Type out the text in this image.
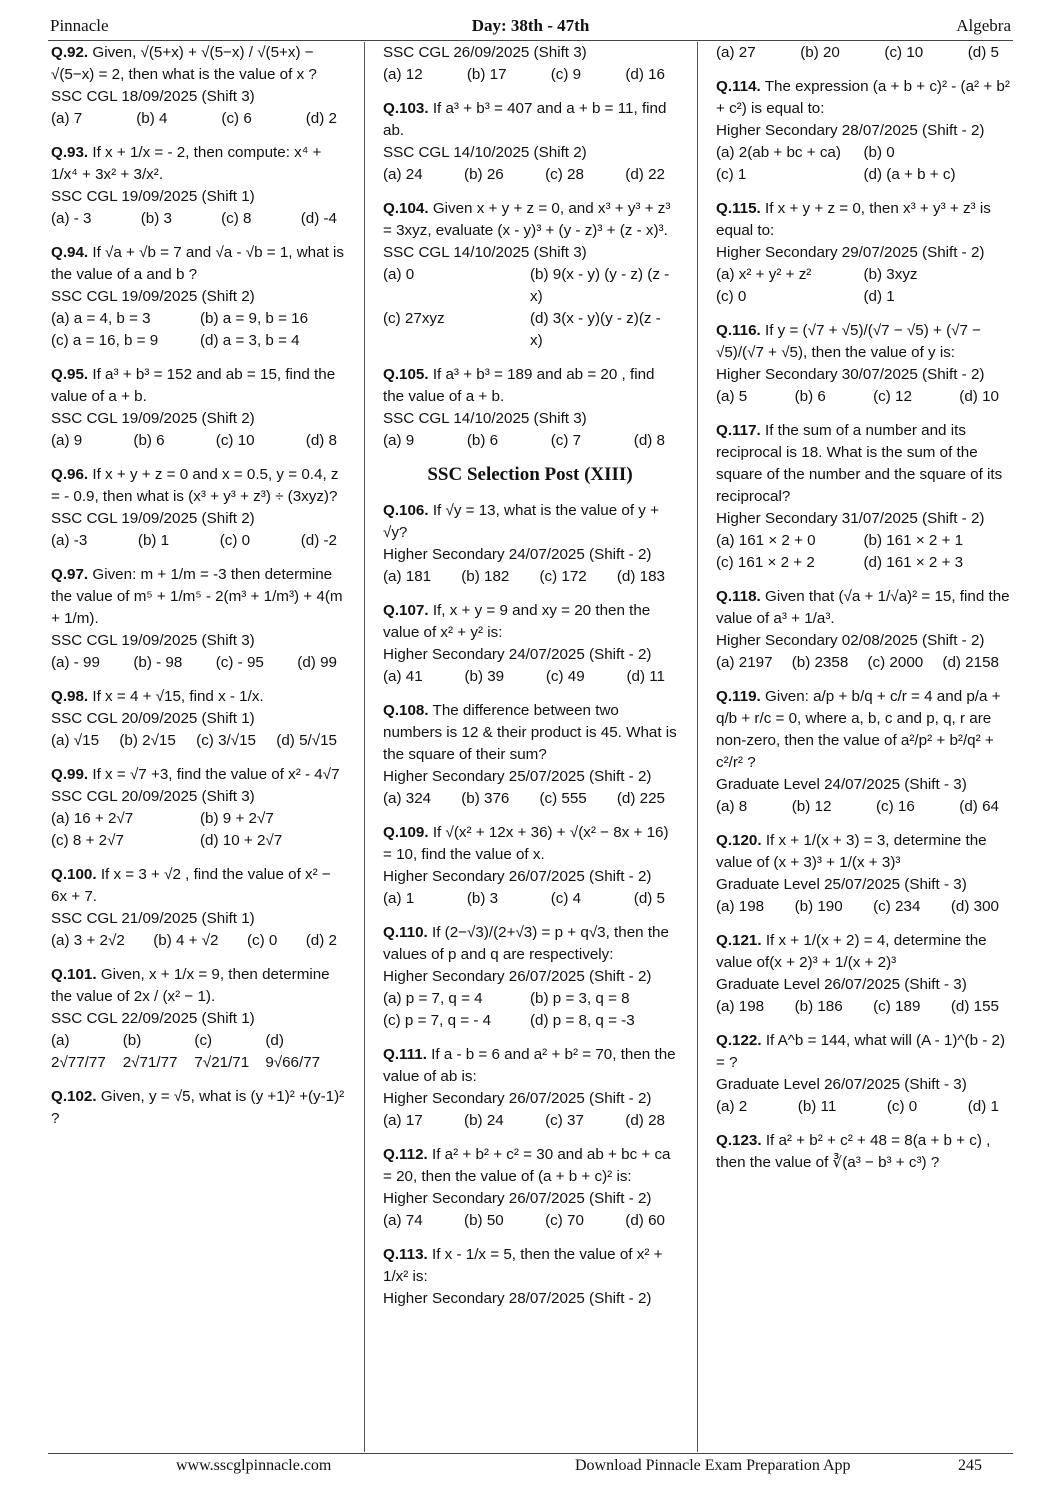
Pinnacle	Day: 38th - 47th	Algebra
Q.92. Given, √(5+x) + √(5−x) / √(5+x) − √(5−x) = 2, then what is the value of x ?
SSC CGL 18/09/2025 (Shift 3)
(a) 7	(b) 4	(c) 6	(d) 2
Q.93. If x + 1/x = - 2, then compute: x⁴ + 1/x⁴ + 3x² + 3/x².
SSC CGL 19/09/2025 (Shift 1)
(a) - 3	(b) 3	(c) 8	(d) -4
Q.94. If √a + √b = 7 and √a - √b = 1, what is the value of a and b ?
SSC CGL 19/09/2025 (Shift 2)
(a) a = 4, b = 3	(b) a = 9, b = 16
(c) a = 16, b = 9	(d) a = 3, b = 4
Q.95. If a³ + b³ = 152 and ab = 15, find the value of a + b.
SSC CGL 19/09/2025 (Shift 2)
(a) 9	(b) 6	(c) 10	(d) 8
Q.96. If x + y + z = 0 and x = 0.5, y = 0.4, z = - 0.9, then what is (x³ + y³ + z³) ÷ (3xyz)?
SSC CGL 19/09/2025 (Shift 2)
(a) -3	(b) 1	(c) 0	(d) -2
Q.97. Given: m + 1/m = -3 then determine the value of m⁵ + 1/m⁵ - 2(m³ + 1/m³) + 4(m + 1/m).
SSC CGL 19/09/2025 (Shift 3)
(a) - 99 (b) - 98 (c) - 95 (d) 99
Q.98. If x = 4 + √15, find x - 1/x.
SSC CGL 20/09/2025 (Shift 1)
(a) √15 (b) 2√15 (c) 3/√15 (d) 5/√15
Q.99. If x = √7 +3, find the value of x² - 4√7
SSC CGL 20/09/2025 (Shift 3)
(a) 16 + 2√7	(b) 9 + 2√7
(c) 8 + 2√7	(d) 10 + 2√7
Q.100. If x = 3 + √2 , find the value of x² − 6x + 7.
SSC CGL 21/09/2025 (Shift 1)
(a) 3 + 2√2 (b) 4 + √2 (c) 0 (d) 2
Q.101. Given, x + 1/x = 9, then determine the value of 2x / (x² − 1).
SSC CGL 22/09/2025 (Shift 1)
(a) 2√77/77
(b) 2√71/77
(c) 7√21/71
(d) 9√66/77
Q.102. Given, y = √5, what is (y +1)² +(y-1)² ?
SSC CGL 26/09/2025 (Shift 3)
(a) 12	(b) 17	(c) 9	(d) 16
Q.103. If a³ + b³ = 407 and a + b = 11, find ab.
SSC CGL 14/10/2025 (Shift 2)
(a) 24	(b) 26	(c) 28	(d) 22
Q.104. Given x + y + z = 0, and x³ + y³ + z³ = 3xyz, evaluate (x - y)³ + (y - z)³ + (z - x)³.
SSC CGL 14/10/2025 (Shift 3)
(a) 0	(b) 9(x - y) (y - z) (z - x)
(c) 27xyz	(d) 3(x - y)(y - z)(z - x)
Q.105. If a³ + b³ = 189 and ab = 20 , find the value of a + b.
SSC CGL 14/10/2025 (Shift 3)
(a) 9	(b) 6	(c) 7	(d) 8
SSC Selection Post (XIII)
Q.106. If √y = 13, what is the value of y + √y?
Higher Secondary 24/07/2025 (Shift - 2)
(a) 181 (b) 182 (c) 172 (d) 183
Q.107. If, x + y = 9 and xy = 20 then the value of x² + y² is:
Higher Secondary 24/07/2025 (Shift - 2)
(a) 41	(b) 39	(c) 49	(d) 11
Q.108. The difference between two numbers is 12 & their product is 45. What is the square of their sum?
Higher Secondary 25/07/2025 (Shift - 2)
(a) 324 (b) 376 (c) 555 (d) 225
Q.109. If √(x² + 12x + 36) + √(x² − 8x + 16) = 10, find the value of x.
Higher Secondary 26/07/2025 (Shift - 2)
(a) 1	(b) 3	(c) 4	(d) 5
Q.110. If (2−√3)/(2+√3) = p + q√3, then the values of p and q are respectively:
Higher Secondary 26/07/2025 (Shift - 2)
(a) p = 7, q = 4	(b) p = 3, q = 8
(c) p = 7, q = - 4	(d) p = 8, q = -3
Q.111. If a - b = 6 and a² + b² = 70, then the value of ab is:
Higher Secondary 26/07/2025 (Shift - 2)
(a) 17	(b) 24	(c) 37	(d) 28
Q.112. If a² + b² + c² = 30 and ab + bc + ca = 20, then the value of (a + b + c)² is:
Higher Secondary 26/07/2025 (Shift - 2)
(a) 74	(b) 50	(c) 70	(d) 60
Q.113. If x - 1/x = 5, then the value of x² + 1/x² is:
Higher Secondary 28/07/2025 (Shift - 2)
(a) 27	(b) 20	(c) 10	(d) 5
Q.114. The expression (a + b + c)² - (a² + b² + c²) is equal to:
Higher Secondary 28/07/2025 (Shift - 2)
(a) 2(ab + bc + ca)	(b) 0
(c) 1	(d) (a + b + c)
Q.115. If x + y + z = 0, then x³ + y³ + z³ is equal to:
Higher Secondary 29/07/2025 (Shift - 2)
(a) x² + y² + z²	(b) 3xyz
(c) 0	(d) 1
Q.116. If y = (√7 + √5)/(√7 − √5) + (√7 − √5)/(√7 + √5), then the value of y is:
Higher Secondary 30/07/2025 (Shift - 2)
(a) 5	(b) 6	(c) 12	(d) 10
Q.117. If the sum of a number and its reciprocal is 18. What is the sum of the square of the number and the square of its reciprocal?
Higher Secondary 31/07/2025 (Shift - 2)
(a) 161 × 2 + 0	(b) 161 × 2 + 1
(c) 161 × 2 + 2	(d) 161 × 2 + 3
Q.118. Given that (√a + 1/√a)² = 15, find the value of a³ + 1/a³.
Higher Secondary 02/08/2025 (Shift - 2)
(a) 2197 (b) 2358 (c) 2000 (d) 2158
Q.119. Given: a/p + b/q + c/r = 4 and p/a + q/b + r/c = 0, where a, b, c and p, q, r are non-zero, then the value of a²/p² + b²/q² + c²/r² ?
Graduate Level 24/07/2025 (Shift - 3)
(a) 8	(b) 12	(c) 16	(d) 64
Q.120. If x + 1/(x + 3) = 3, determine the value of (x + 3)³ + 1/(x + 3)³
Graduate Level 25/07/2025 (Shift - 3)
(a) 198 (b) 190 (c) 234 (d) 300
Q.121. If x + 1/(x + 2) = 4, determine the value of(x + 2)³ + 1/(x + 2)³
Graduate Level 26/07/2025 (Shift - 3)
(a) 198 (b) 186 (c) 189 (d) 155
Q.122. If A^b = 144, what will (A - 1)^(b - 2) = ?
Graduate Level 26/07/2025 (Shift - 3)
(a) 2	(b) 11	(c) 0	(d) 1
Q.123. If a² + b² + c² + 48 = 8(a + b + c) , then the value of ∛(a³ − b³ + c³) ?
www.sscglpinnacle.com	Download Pinnacle Exam Preparation App	245
